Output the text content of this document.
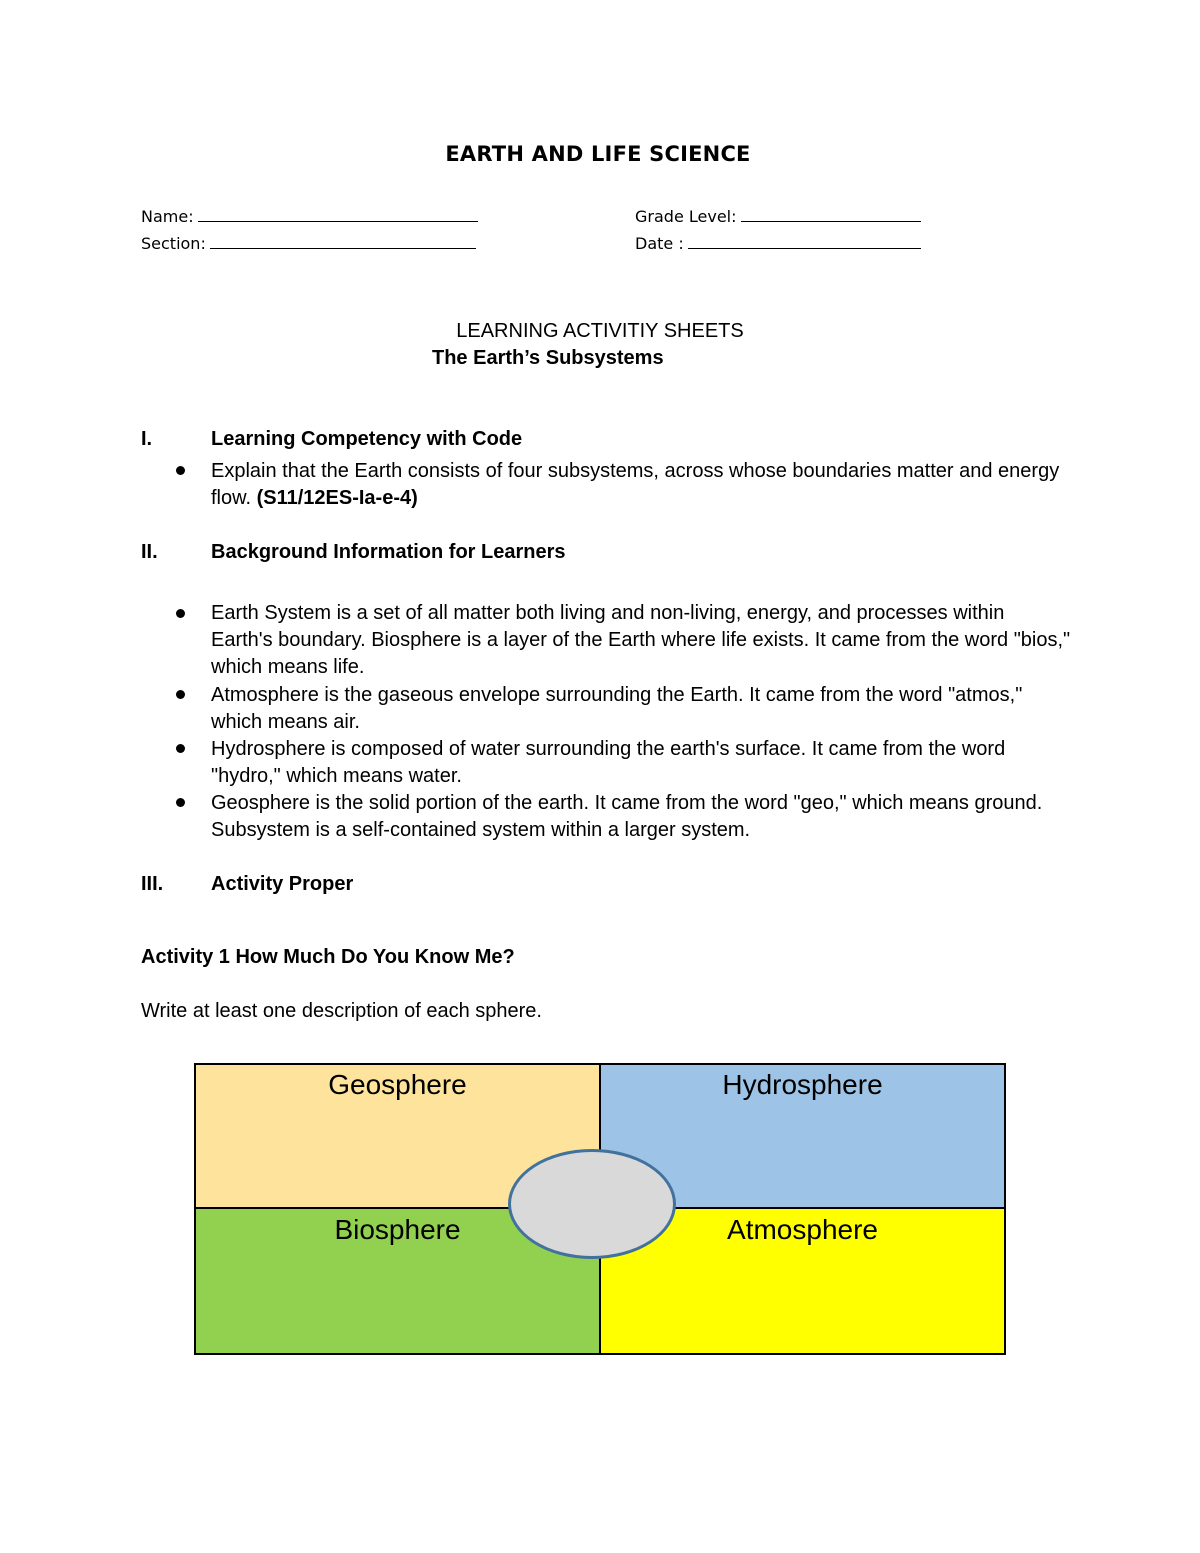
EARTH AND LIFE SCIENCE
Name:
Section:
Grade Level:
Date :
LEARNING ACTIVITIY SHEETS
The Earth’s Subsystems
I.	Learning Competency with Code
Explain that the Earth consists of four subsystems, across whose boundaries matter and energy flow. (S11/12ES-Ia-e-4)
II.	Background Information for Learners
Earth System is a set of all matter both living and non-living, energy, and processes within Earth's boundary. Biosphere is a layer of the Earth where life exists. It came from the word "bios," which means life.
Atmosphere is the gaseous envelope surrounding the Earth. It came from the word "atmos," which means air.
Hydrosphere is composed of water surrounding the earth's surface. It came from the word "hydro," which means water.
Geosphere is the solid portion of the earth. It came from the word "geo," which means ground. Subsystem is a self-contained system within a larger system.
III. Activity Proper
Activity 1 How Much Do You Know Me?
Write at least one description of each sphere.
Geosphere	Hydrosphere
Biosphere	Atmosphere
